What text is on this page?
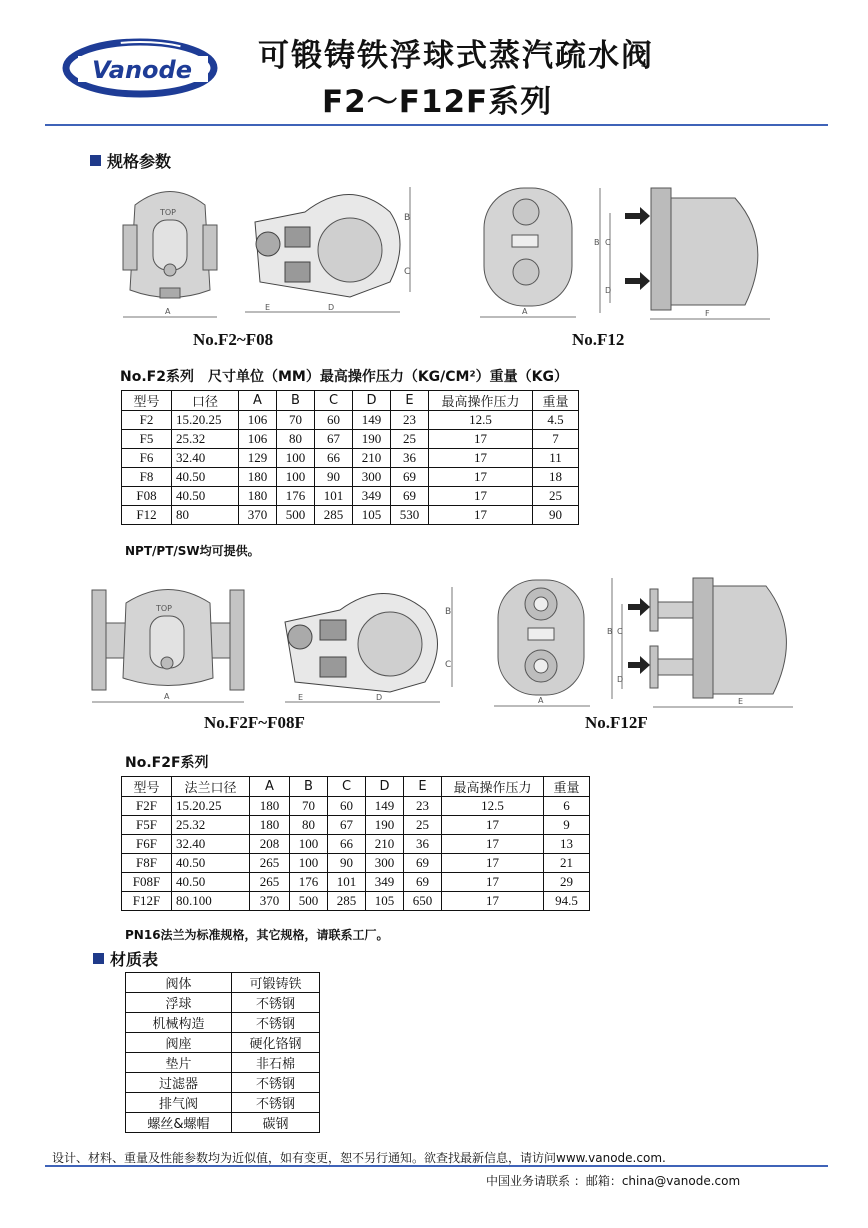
Vanode 可锻铸铁浮球式蒸汽疏水阀
F2～F12F系列
规格参数
TOP
A
B
C
E	D	A
B C
D
F
No.F2~F08	No.F12
No.F2系列　尺寸单位（MM）最高操作压力（KG/CM²）重量（KG）
型号	口径	A	B	C	D	E	最高操作压力	重量
F2	15.20.25	106	70	60	149	23	12.5	4.5
F5	25.32	106	80	67	190	25	17	7
F6	32.40	129	100	66	210	36	17	11
F8	40.50	180	100	90	300	69	17	18
F08	40.50	180	176	101	349	69	17	25
F12	80	370	500	285	105	530	17	90
NPT/PT/SW均可提供。
TOP
A
B
C
E	D	A
B C
D
E
No.F2F~F08F	No.F12F
No.F2F系列
型号	法兰口径	A	B	C	D	E	最高操作压力	重量
F2F	15.20.25	180	70	60	149	23	12.5	6
F5F	25.32	180	80	67	190	25	17	9
F6F	32.40	208	100	66	210	36	17	13
F8F	40.50	265	100	90	300	69	17	21
F08F	40.50	265	176	101	349	69	17	29
F12F	80.100	370	500	285	105	650	17	94.5
PN16法兰为标准规格，其它规格，请联系工厂。
材质表
阀体	可锻铸铁
浮球	不锈钢
机械构造	不锈钢
阀座	硬化铬钢
垫片	非石棉
过滤器	不锈钢
排气阀	不锈钢
螺丝&螺帽	碳钢
设计、材料、重量及性能参数均为近似值，如有变更，恕不另行通知。欲查找最新信息，请访问www.vanode.com.
中国业务请联系 ：邮箱：china@vanode.com
